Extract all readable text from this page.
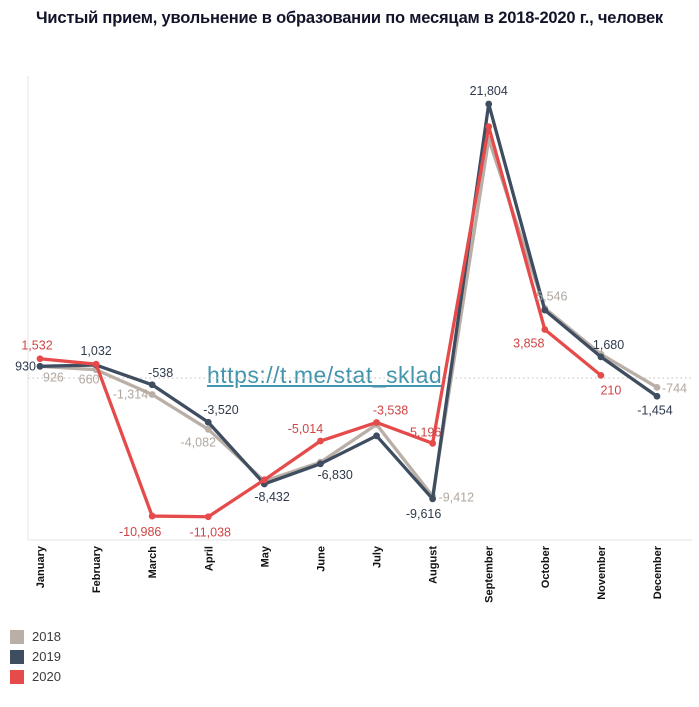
Чистый прием, увольнение в образовании по месяцам в 2018-2020 г., человек
https://t.me/stat_sklad
926 660
-1,314
-4,082
-9,412
5,546
-744
930
1,032
-538
-3,520
-8,432
-6,830
-9,616
21,804
1,680
-1,454
1,532
-10,986 -11,038
-5,014
-3,538
-5,196
3,858
210
January	February	March	April	May	June	July	August	September	October	November	December
2018
2019
2020
